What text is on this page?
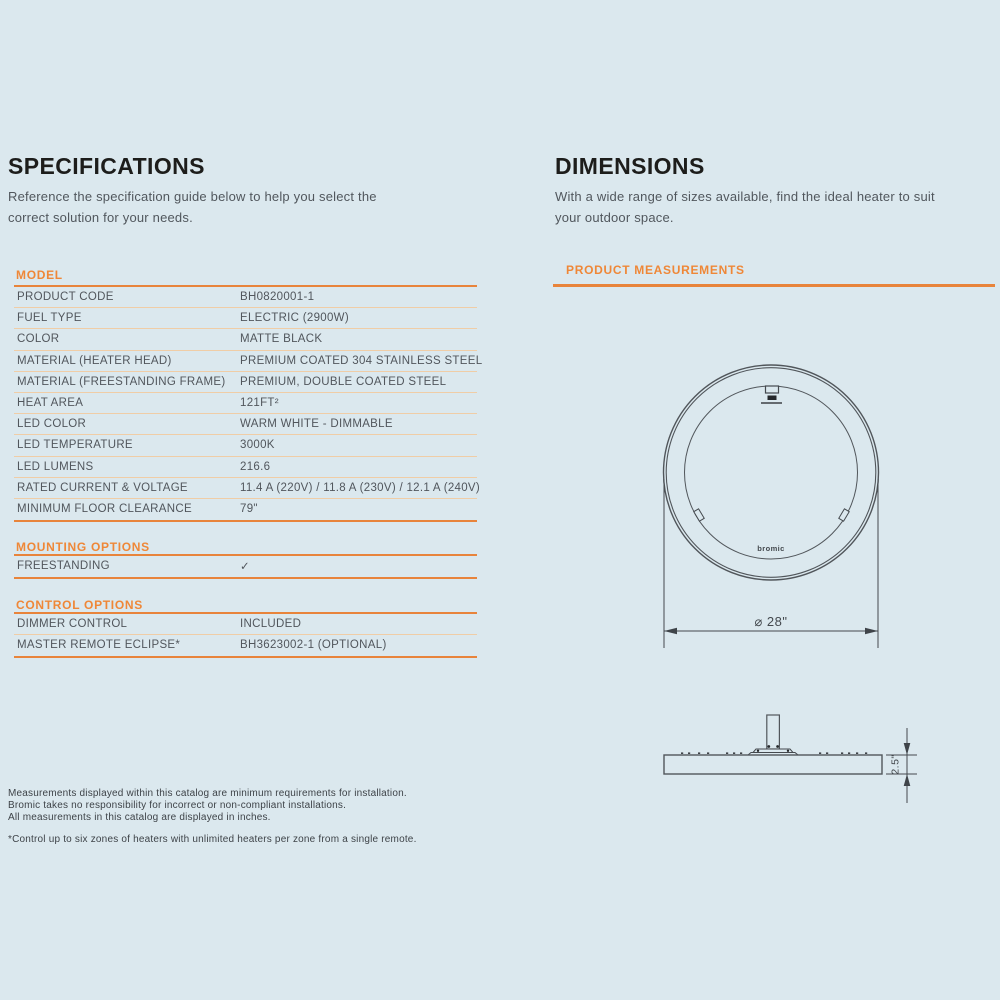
SPECIFICATIONS
Reference the specification guide below to help you select the
correct solution for your needs.
MODEL
PRODUCT CODE	BH0820001-1
FUEL TYPE	ELECTRIC (2900W)
COLOR	MATTE BLACK
MATERIAL (HEATER HEAD)	PREMIUM COATED 304 STAINLESS STEEL
MATERIAL (FREESTANDING FRAME)	PREMIUM, DOUBLE COATED STEEL
HEAT AREA	121FT²
LED COLOR	WARM WHITE - DIMMABLE
LED TEMPERATURE	3000K
LED LUMENS	216.6
RATED CURRENT & VOLTAGE	11.4 A (220V) / 11.8 A (230V) / 12.1 A (240V)
MINIMUM FLOOR CLEARANCE	79"
MOUNTING OPTIONS
FREESTANDING	✓
CONTROL OPTIONS
DIMMER CONTROL	INCLUDED
MASTER REMOTE ECLIPSE*	BH3623002-1 (OPTIONAL)
Measurements displayed within this catalog are minimum requirements for installation.
Bromic takes no responsibility for incorrect or non-compliant installations.
All measurements in this catalog are displayed in inches.
*Control up to six zones of heaters with unlimited heaters per zone from a single remote.
DIMENSIONS
With a wide range of sizes available, find the ideal heater to suit
your outdoor space.
PRODUCT MEASUREMENTS
bromic
⌀ 28"
2.5"
